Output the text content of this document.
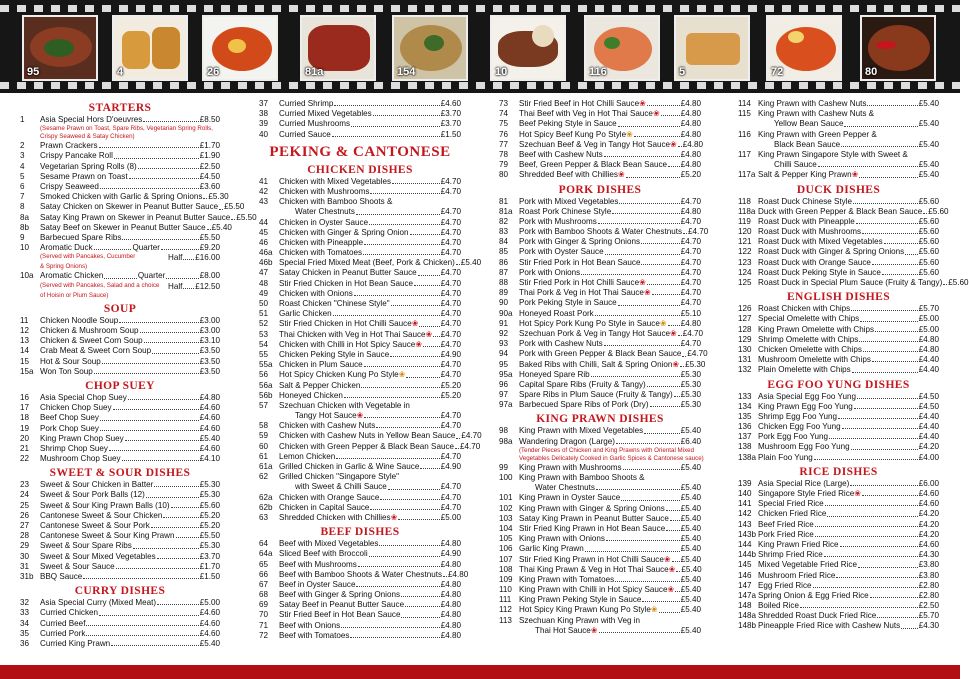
95	4	26	81a	154	10	116	5	72	80
STARTERS
1	Asia Special Hors D'oeuvres	£8.50
(Sesame Prawn on Toast, Spare Ribs, Vegetarian Spring Rolls,
Crispy Seaweed & Satay Chicken)
2	Prawn Crackers	£1.70
3	Crispy Pancake Roll	£1.90
4	Vegetarian Spring Rolls (8)	£2.50
5	Sesame Prawn on Toast	£4.50
6	Crispy Seaweed	£3.60
7	Smoked Chicken with Garlic & Spring Onions £5.30
8	Satay Chicken on Skewer in Peanut Butter Sauce £5.50
8a	Satay King Prawn on Skewer in Peanut Butter Sauce £5.50
8b	Satay Beef on Skewer in Peanut Butter Sauce £5.40
9	Barbecued Spare Ribs	£5.50
10	Aromatic Duck	Quarter	£9.20
(Served with Pancakes, Cucumber	Half £16.00
& Spring Onions)
10a Aromatic Chicken	Quarter	£8.00
(Served with Pancakes, Salad and a choice	Half £12.50
of Hoisin or Plum Sauce)
SOUP
11	Chicken Noodle Soup	£3.00
12	Chicken & Mushroom Soup	£3.00
13	Chicken & Sweet Corn Soup	£3.10
14	Crab Meat & Sweet Corn Soup	£3.50
15	Hot & Sour Soup	£3.50
15a Won Ton Soup	£3.50
CHOP SUEY
16	Asia Special Chop Suey	£4.80
17	Chicken Chop Suey	£4.60
18	Beef Chop Suey	£4.60
19	Pork Chop Suey	£4.60
20	King Prawn Chop Suey	£5.40
21	Shrimp Chop Suey	£4.60
22	Mushroom Chop Suey	£4.10
SWEET & SOUR DISHES
23	Sweet & Sour Chicken in Batter	£5.30
24	Sweet & Sour Pork Balls (12)	£5.30
25	Sweet & Sour King Prawn Balls (10)	£5.60
26	Cantonese Sweet & Sour Chicken	£5.20
27	Cantonese Sweet & Sour Pork	£5.20
28	Cantonese Sweet & Sour King Prawn	£5.50
29	Sweet & Sour Spare Ribs	£5.30
30	Sweet & Sour Mixed Vegetables	£3.70
31	Sweet & Sour Sauce	£1.70
31b BBQ Sauce	£1.50
CURRY DISHES
32	Asia Special Curry (Mixed Meat)	£5.00
33	Curried Chicken	£4.60
34	Curried Beef	£4.60
35	Curried Pork	£4.60
36	Curried King Prawn	£5.40
37	Curried Shrimp	£4.60
38	Curried Mixed Vegetables	£3.70
39	Curried Mushrooms	£3.70
40	Curried Sauce	£1.50
PEKING & CANTONESE
CHICKEN DISHES
41	Chicken with Mixed Vegetables	£4.70
42	Chicken with Mushrooms	£4.70
43	Chicken with Bamboo Shoots &
Water Chestnuts	£4.70
44	Chicken in Oyster Sauce	£4.70
45	Chicken with Ginger & Spring Onion	£4.70
46	Chicken with Pineapple	£4.70
46a Chicken with Tomatoes	£4.70
46b Special Fried Mixed Meat (Beef, Pork & Chicken) £5.40
47	Satay Chicken in Peanut Butter Sauce	£4.70
48	Stir Fried Chicken in Hot Bean Sauce	£4.70
49	Chicken with Onions	£4.70
50	Roast Chicken "Chinese Style"	£4.70
51	Garlic Chicken	£4.70
52	Stir Fried Chicken in Hot Chilli Sauce ❀	£4.70
53	Thai Chicken with Veg in Hot Thai Sauce ❀ £4.70
54	Chicken with Chilli in Hot Spicy Sauce ❀ £4.70
55	Chicken Peking Style in Sauce	£4.90
55a Chicken in Plum Sauce	£4.70
56	Hot Spicy Chicken Kung Po Style ❀	£4.70
56a Salt & Pepper Chicken	£5.20
56b Honeyed Chicken	£5.20
57	Szechuan Chicken with Vegetable in
Tangy Hot Sauce ❀	£4.70
58	Chicken with Cashew Nuts	£4.70
59	Chicken with Cashew Nuts in Yellow Bean Sauce £4.70
60	Chicken with Green Pepper & Black Bean Sauce £4.70
61	Lemon Chicken	£4.70
61a Grilled Chicken in Garlic & Wine Sauce	£4.90
62	Grilled Chicken "Singapore Style"
with Sweet & Chilli Sauce	£4.70
62a Chicken with Orange Sauce	£4.70
62b Chicken in Capital Sauce	£4.70
63	Shredded Chicken with Chillies ❀	£5.00
BEEF DISHES
64	Beef with Mixed Vegetables	£4.80
64a Sliced Beef with Broccoli	£4.90
65	Beef with Mushrooms	£4.80
66	Beef with Bamboo Shoots & Water Chestnuts £4.80
67	Beef in Oyster Sauce	£4.80
68	Beef with Ginger & Spring Onions	£4.80
69	Satay Beef in Peanut Butter Sauce	£4.80
70	Stir Fried Beef in Hot Bean Sauce	£4.80
71	Beef with Onions	£4.80
72	Beef with Tomatoes	£4.80
73	Stir Fried Beef in Hot Chilli Sauce ❀	£4.80
74	Thai Beef with Veg in Hot Thai Sauce ❀	£4.80
75	Beef Peking Style in Sauce	£4.80
76	Hot Spicy Beef Kung Po Style ❀	£4.80
77	Szechuan Beef & Veg in Tangy Hot Sauce ❀ £4.80
78	Beef with Cashew Nuts	£4.80
79	Beef, Green Pepper & Black Bean Sauce £4.80
80	Shredded Beef with Chillies ❀	£5.20
PORK DISHES
81	Pork with Mixed Vegetables	£4.70
81a Roast Pork Chinese Style	£4.80
82	Pork with Mushrooms	£4.70
83	Pork with Bamboo Shoots & Water Chestnuts £4.70
84	Pork with Ginger & Spring Onions	£4.70
85	Pork with Oyster Sauce	£4.70
86	Stir Fried Pork in Hot Bean Sauce	£4.70
87	Pork with Onions	£4.70
88	Stir Fried Pork in Hot Chilli Sauce ❀	£4.70
89	Thai Pork & Veg in Hot Thai Sauce ❀	£4.70
90	Pork Peking Style in Sauce	£4.70
90a Honeyed Roast Pork	£5.10
91	Hot Spicy Pork Kung Po Style in Sauce ❀ £4.80
92	Szechuan Pork & Veg in Tangy Hot Sauce ❀ £4.70
93	Pork with Cashew Nuts	£4.70
94	Pork with Green Pepper & Black Bean Sauce £4.70
95	Baked Ribs with Chilli, Salt & Spring Onion ❀ £5.30
95a Honeyed Spare Rib	£5.30
96	Capital Spare Ribs (Fruity & Tangy)	£5.30
97	Spare Ribs in Plum Sauce (Fruity & Tangy) £5.30
97a Barbecued Spare Ribs of Pork (Dry)	£5.30
KING PRAWN DISHES
98	King Prawn with Mixed Vegetables	£5.40
98a Wandering Dragon (Large)	£6.40
(Tender Pieces of Chicken and King Prawns with Oriental Mixed
Vegetables Delicately Cooked in Garlic Spices & Cantonese sauce)
99	King Prawn with Mushrooms	£5.40
100 King Prawn with Bamboo Shoots &
Water Chestnuts	£5.40
101 King Prawn in Oyster Sauce	£5.40
102 King Prawn with Ginger & Spring Onions £5.40
103 Satay King Prawn in Peanut Butter Sauce £5.40
104 Stir Fried King Prawn in Hot Bean Sauce £5.40
105 King Prawn with Onions	£5.40
106 Garlic King Prawn	£5.40
107 Stir Fried King Prawn in Hot Chilli Sauce ❀ £5.40
108 Thai King Prawn & Veg in Hot Thai Sauce ❀ £5.40
109 King Prawn with Tomatoes	£5.40
110 King Prawn with Chilli in Hot Spicy Sauce ❀ £5.40
111 King Prawn Peking Style in Sauce	£5.40
112 Hot Spicy King Prawn Kung Po Style ❀	£5.40
113 Szechuan King Prawn with Veg in
Thai Hot Sauce ❀	£5.40
114 King Prawn with Cashew Nuts	£5.40
115 King Prawn with Cashew Nuts &
Yellow Bean Sauce	£5.40
116 King Prawn with Green Pepper &
Black Bean Sauce	£5.40
117 King Prawn Singapore Style with Sweet &
Chilli Sauce	£5.40
117a Salt & Pepper King Prawn ❀	£5.40
DUCK DISHES
118 Roast Duck Chinese Style	£5.60
118a Duck with Green Pepper & Black Bean Sauce £5.60
119 Roast Duck with Pineapple	£5.60
120 Roast Duck with Mushrooms	£5.60
121 Roast Duck with Mixed Vegetables	£5.60
122 Roast Duck with Ginger & Spring Onions £5.60
123 Roast Duck with Orange Sauce	£5.60
124 Roast Duck Peking Style in Sauce	£5.60
125 Roast Duck in Special Plum Sauce (Fruity & Tangy) £5.60
ENGLISH DISHES
126 Roast Chicken with Chips	£5.70
127 Special Omelette with Chips	£5.00
128 King Prawn Omelette with Chips	£5.00
129 Shrimp Omelette with Chips	£4.80
130 Chicken Omelette with Chips	£4.80
131 Mushroom Omelette with Chips	£4.40
132 Plain Omelette with Chips	£4.40
EGG FOO YUNG DISHES
133 Asia Special Egg Foo Yung	£4.50
134 King Prawn Egg Foo Yung	£4.50
135 Shrimp Egg Foo Yung	£4.40
136 Chicken Egg Foo Yung	£4.40
137 Pork Egg Foo Yung	£4.40
138 Mushroom Egg Foo Yung	£4.20
138a Plain Foo Yung	£4.00
RICE DISHES
139 Asia Special Rice (Large)	£6.00
140 Singapore Style Fried Rice ❀	£4.60
141 Special Fried Rice	£4.60
142 Chicken Fried Rice	£4.20
143 Beef Fried Rice	£4.20
143b Pork Fried Rice	£4.20
144 King Prawn Fried Rice	£4.60
144b Shrimp Fried Rice	£4.30
145 Mixed Vegetable Fried Rice	£3.80
146 Mushroom Fried Rice	£3.80
147 Egg Fried Rice	£2.80
147a Spring Onion & Egg Fried Rice	£2.80
148 Boiled Rice	£2.50
148a Shredded Roast Duck Fried Rice	£5.70
148b Pineapple Fried Rice with Cashew Nuts £4.30
